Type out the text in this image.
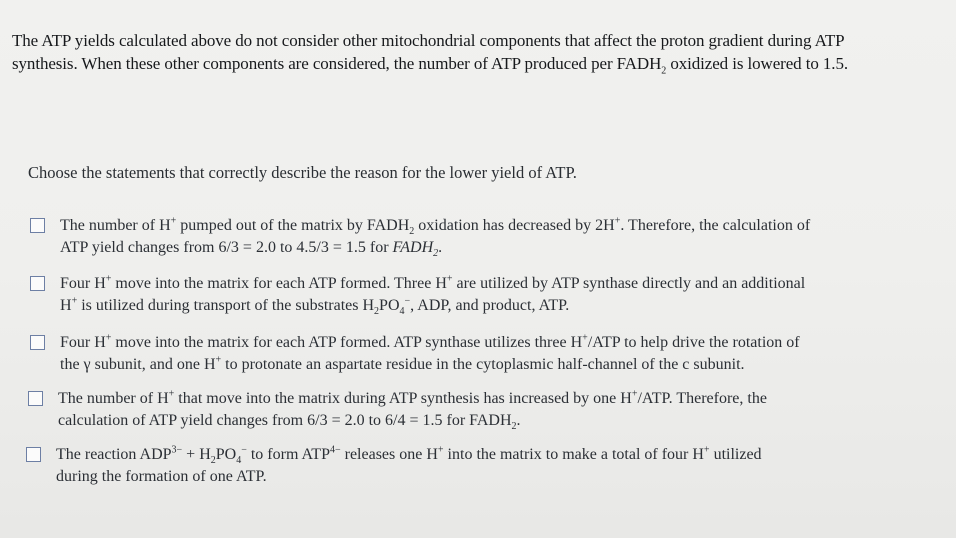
The ATP yields calculated above do not consider other mitochondrial components that affect the proton gradient during ATP
synthesis. When these other components are considered, the number of ATP produced per $FADH_2$ oxidized is lowered to 1.5.

Choose the statements that correctly describe the reason for the lower yield of ATP.

The number of H+ pumped out of the matrix by $FADH_2$ oxidation has decreased by 2H+. Therefore, the calculation of
ATP yield changes from 6/3 = 2.0 to 4.5/3 = 1.5 for $FADH_2$.
Four H+ move into the matrix for each ATP formed. Three H+ are utilized by ATP synthase directly and an additional
H+ is utilized during transport of the substrates $H_2PO_4^-$, ADP, and product, ATP.
Four H+ move into the matrix for each ATP formed. ATP synthase utilizes three H+/ATP to help drive the rotation of
the γ subunit, and one H+ to protonate an aspartate residue in the cytoplasmic half-channel of the c subunit.
The number of H+ that move into the matrix during ATP synthesis has increased by one H+/ATP. Therefore, the
calculation of ATP yield changes from 6/3 = 2.0 to 6/4 = 1.5 for $FADH_2$.
The reaction $ADP^{3-} + H_2PO_4^-$ to form $ATP^{4-}$ releases one H+ into the matrix to make a total of four H+ utilized
during the formation of one ATP.
